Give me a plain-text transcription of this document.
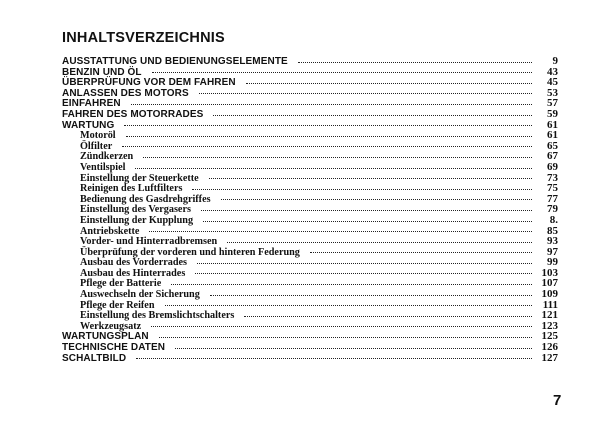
INHALTSVERZEICHNIS
AUSSTATTUNG UND BEDIENUNGSELEMENTE	9
BENZIN UND ÖL	43
ÜBERPRÜFUNG VOR DEM FAHREN	45
ANLASSEN DES MOTORS	53
EINFAHREN	57
FAHREN DES MOTORRADES	59
WARTUNG	61
Motoröl	61
Ölfilter	65
Zündkerzen	67
Ventilspiel	69
Einstellung der Steuerkette	73
Reinigen des Luftfilters	75
Bedienung des Gasdrehgriffes	77
Einstellung des Vergasers	79
Einstellung der Kupplung	8.
Antriebskette	85
Vorder- und Hinterradbremsen	93
Überprüfung der vorderen und hinteren Federung	97
Ausbau des Vorderrades	99
Ausbau des Hinterrades	103
Pflege der Batterie	107
Auswechseln der Sicherung	109
Pflege der Reifen	111
Einstellung des Bremslichtschalters	121
Werkzeugsatz	123
WARTUNGSPLAN	125
TECHNISCHE DATEN	126
SCHALTBILD	127
7
